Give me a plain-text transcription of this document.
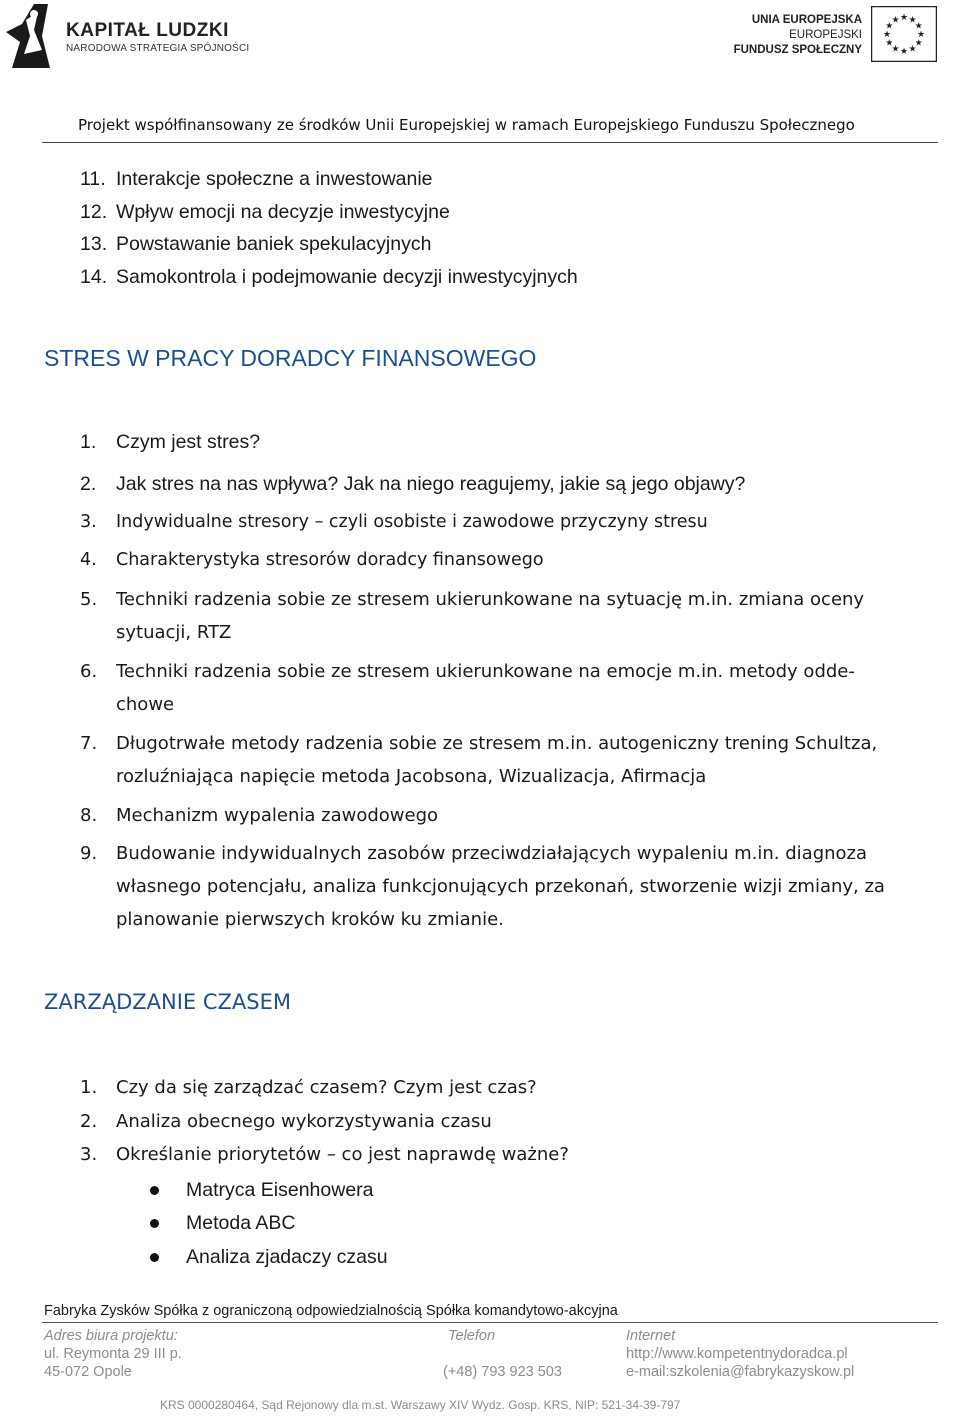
KAPITAŁ LUDZKI
NARODOWA STRATEGIA SPÓJNOŚCI
UNIA EUROPEJSKA
EUROPEJSKI
FUNDUSZ SPOŁECZNY
★ ★
★
★
★
★
★
★
★
★
★
★
Projekt współfinansowany ze środków Unii Europejskiej w ramach Europejskiego Funduszu Społecznego
11. Interakcje społeczne a inwestowanie
12. Wpływ emocji na decyzje inwestycyjne
13. Powstawanie baniek spekulacyjnych
14. Samokontrola i podejmowanie decyzji inwestycyjnych
STRES W PRACY DORADCY FINANSOWEGO
1. Czym jest stres?
2. Jak stres na nas wpływa? Jak na niego reagujemy, jakie są jego objawy?
3. Indywidualne stresory – czyli osobiste i zawodowe przyczyny stresu
4. Charakterystyka stresorów doradcy finansowego
5. Techniki radzenia sobie ze stresem ukierunkowane na sytuację m.in. zmiana oceny
sytuacji, RTZ
6. Techniki radzenia sobie ze stresem ukierunkowane na emocje m.in. metody odde-
chowe
7. Długotrwałe metody radzenia sobie ze stresem m.in. autogeniczny trening Schultza,
rozluźniająca napięcie metoda Jacobsona, Wizualizacja, Afirmacja
8. Mechanizm wypalenia zawodowego
9. Budowanie indywidualnych zasobów przeciwdziałających wypaleniu m.in. diagnoza
własnego potencjału, analiza funkcjonujących przekonań, stworzenie wizji zmiany, za
planowanie pierwszych kroków ku zmianie.
ZARZĄDZANIE CZASEM
1. Czy da się zarządzać czasem? Czym jest czas?
2. Analiza obecnego wykorzystywania czasu
3. Określanie priorytetów – co jest naprawdę ważne?
Matryca Eisenhowera
Metoda ABC
Analiza zjadaczy czasu
Fabryka Zysków Spółka z ograniczoną odpowiedzialnością Spółka komandytowo-akcyjna
Adres biura projektu:
ul. Reymonta 29 III p.
45-072 Opole
Telefon
(+48) 793 923 503
Internet
http://www.kompetentnydoradca.pl
e-mail:szkolenia@fabrykazyskow.pl
KRS 0000280464, Sąd Rejonowy dla m.st. Warszawy XIV Wydz. Gosp. KRS, NIP: 521-34-39-797
